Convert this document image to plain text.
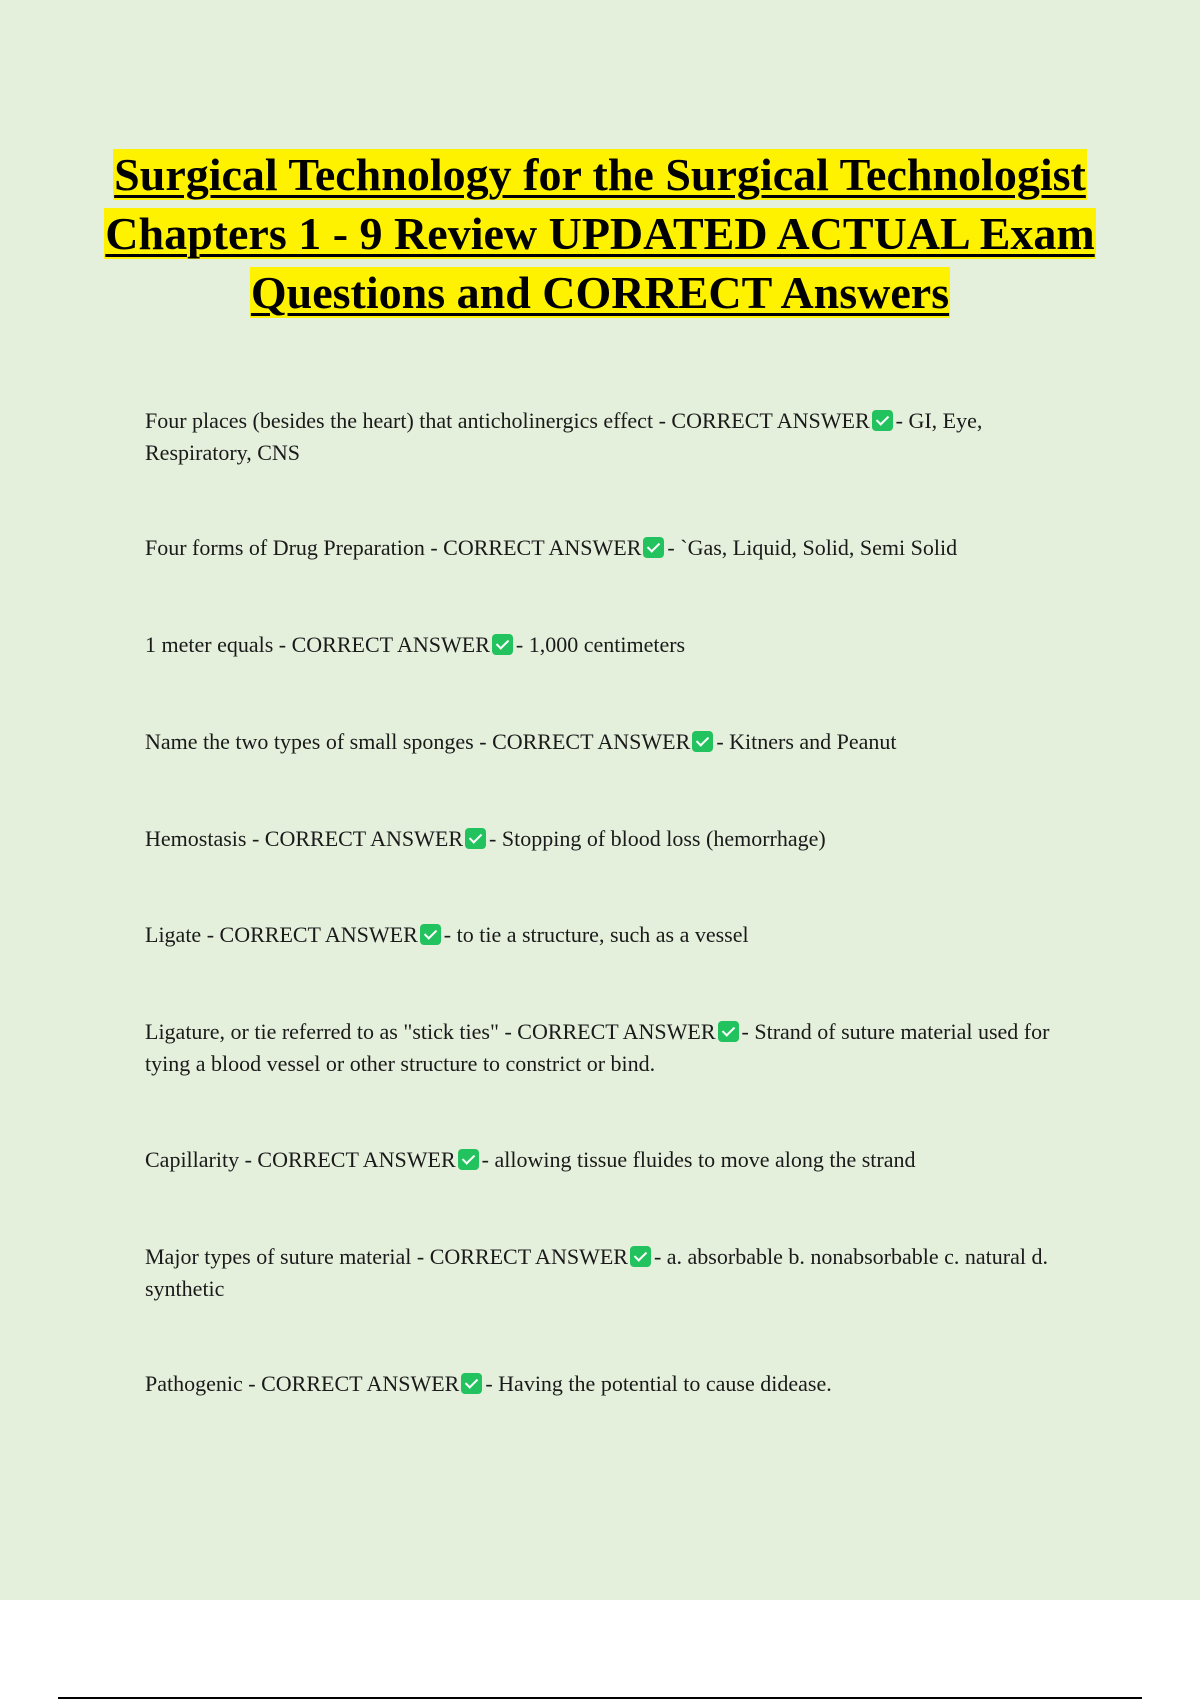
Surgical Technology for the Surgical Technologist Chapters 1 - 9 Review UPDATED ACTUAL Exam Questions and CORRECT Answers

Four places (besides the heart) that anticholinergics effect - CORRECT ANSWER - GI, Eye, Respiratory, CNS

Four forms of Drug Preparation - CORRECT ANSWER - `Gas, Liquid, Solid, Semi Solid

1 meter equals - CORRECT ANSWER - 1,000 centimeters

Name the two types of small sponges - CORRECT ANSWER - Kitners and Peanut

Hemostasis - CORRECT ANSWER - Stopping of blood loss (hemorrhage)

Ligate - CORRECT ANSWER - to tie a structure, such as a vessel

Ligature, or tie referred to as "stick ties" - CORRECT ANSWER - Strand of suture material used for tying a blood vessel or other structure to constrict or bind.

Capillarity - CORRECT ANSWER - allowing tissue fluides to move along the strand

Major types of suture material - CORRECT ANSWER - a. absorbable b. nonabsorbable c. natural d. synthetic

Pathogenic - CORRECT ANSWER - Having the potential to cause didease.
